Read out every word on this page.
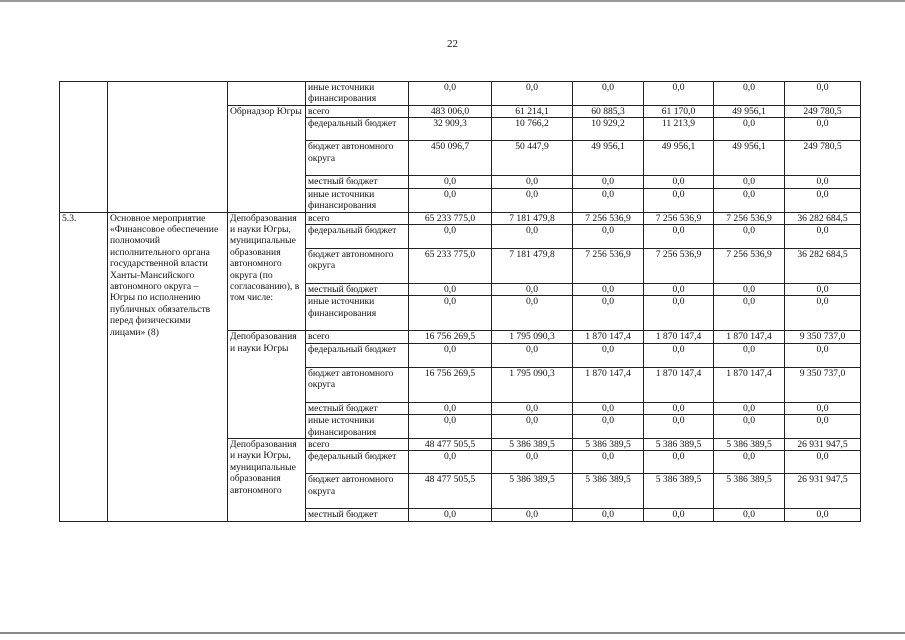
22
			иные источники финансирования	0,0	0,0	0,0	0,0	0,0	0,0
		Обрнадзор Югры	всего	483 006,0	61 214,1	60 885,3	61 170,0	49 956,1	249 780,5
			федеральный бюджет	32 909,3	10 766,2	10 929,2	11 213,9	0,0	0,0
			бюджет автономного округа	450 096,7	50 447,9	49 956,1	49 956,1	49 956,1	249 780,5
			местный бюджет	0,0	0,0	0,0	0,0	0,0	0,0
			иные источники финансирования	0,0	0,0	0,0	0,0	0,0	0,0
5.3.	Основное мероприятие «Финансовое обеспечение полномочий исполнительного органа государственной власти Ханты-Мансийского автономного округа – Югры по исполнению публичных обязательств перед физическими лицами» (8)	Депобразования и науки Югры, муниципальные образования автономного округа (по согласованию), в том числе:	всего	65 233 775,0	7 181 479,8	7 256 536,9	7 256 536,9	7 256 536,9	36 282 684,5
			федеральный бюджет	0,0	0,0	0,0	0,0	0,0	0,0
			бюджет автономного округа	65 233 775,0	7 181 479,8	7 256 536,9	7 256 536,9	7 256 536,9	36 282 684,5
			местный бюджет	0,0	0,0	0,0	0,0	0,0	0,0
			иные источники финансирования	0,0	0,0	0,0	0,0	0,0	0,0
		Депобразования и науки Югры	всего	16 756 269,5	1 795 090,3	1 870 147,4	1 870 147,4	1 870 147,4	9 350 737,0
			федеральный бюджет	0,0	0,0	0,0	0,0	0,0	0,0
			бюджет автономного округа	16 756 269,5	1 795 090,3	1 870 147,4	1 870 147,4	1 870 147,4	9 350 737,0
			местный бюджет	0,0	0,0	0,0	0,0	0,0	0,0
			иные источники финансирования	0,0	0,0	0,0	0,0	0,0	0,0
		Депобразования и науки Югры, муниципальные образования автономного	всего	48 477 505,5	5 386 389,5	5 386 389,5	5 386 389,5	5 386 389,5	26 931 947,5
			федеральный бюджет	0,0	0,0	0,0	0,0	0,0	0,0
			бюджет автономного округа	48 477 505,5	5 386 389,5	5 386 389,5	5 386 389,5	5 386 389,5	26 931 947,5
			местный бюджет	0,0	0,0	0,0	0,0	0,0	0,0
